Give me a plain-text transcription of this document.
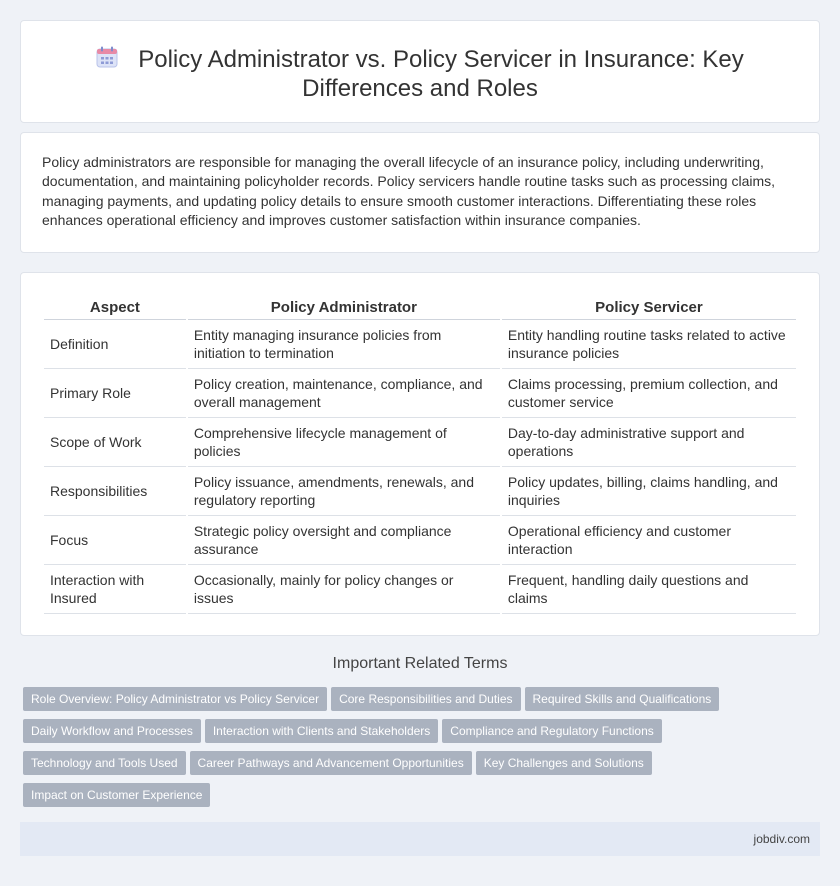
Policy Administrator vs. Policy Servicer in Insurance: Key
Differences and Roles
Policy administrators are responsible for managing the overall lifecycle of an insurance policy, including underwriting, documentation, and maintaining policyholder records. Policy servicers handle routine tasks such as processing claims, managing payments, and updating policy details to ensure smooth customer interactions. Differentiating these roles enhances operational efficiency and improves customer satisfaction within insurance companies.
Aspect	Policy Administrator	Policy Servicer
Definition	Entity managing insurance policies from initiation to termination	Entity handling routine tasks related to active insurance policies
Primary Role	Policy creation, maintenance, compliance, and overall management	Claims processing, premium collection, and customer service
Scope of Work	Comprehensive lifecycle management of policies	Day-to-day administrative support and operations
Responsibilities	Policy issuance, amendments, renewals, and regulatory reporting	Policy updates, billing, claims handling, and inquiries
Focus	Strategic policy oversight and compliance assurance	Operational efficiency and customer interaction
Interaction with Insured	Occasionally, mainly for policy changes or issues	Frequent, handling daily questions and claims
Important Related Terms
Role Overview: Policy Administrator vs Policy Servicer Core Responsibilities and Duties Required Skills and Qualifications
Daily Workflow and Processes Interaction with Clients and Stakeholders Compliance and Regulatory Functions
Technology and Tools Used Career Pathways and Advancement Opportunities Key Challenges and Solutions
Impact on Customer Experience
jobdiv.com
